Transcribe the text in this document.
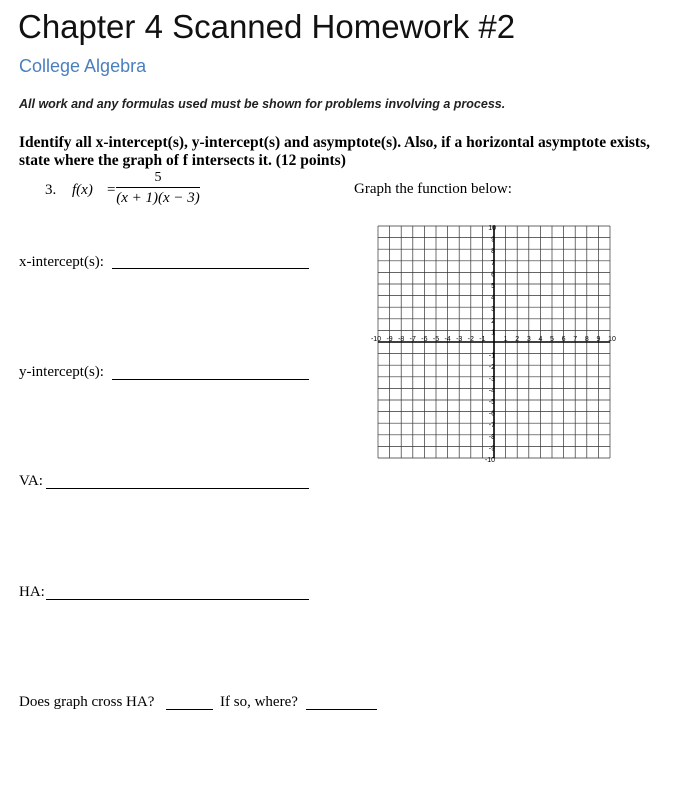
Chapter 4 Scanned Homework #2
College Algebra
All work and any formulas used must be shown for problems involving a process.
Identify all x-intercept(s), y-intercept(s) and asymptote(s). Also, if a horizontal asymptote exists, state where the graph of f intersects it. (12 points)
3. f(x) =
5
(x + 1)(x − 3)
Graph the function below:
x-intercept(s):
y-intercept(s):
VA:
HA:
Does graph cross HA?	If so, where?
-10 -9 -8 -7 -6 -5 -4 -3 -2 -1	1 2 3 4 5 6 7 8 9 10
10
9
8
7
6
5
4
3
2
1
-1
-2
-3
-4
-5
-6
-7
-8
-9
-10
